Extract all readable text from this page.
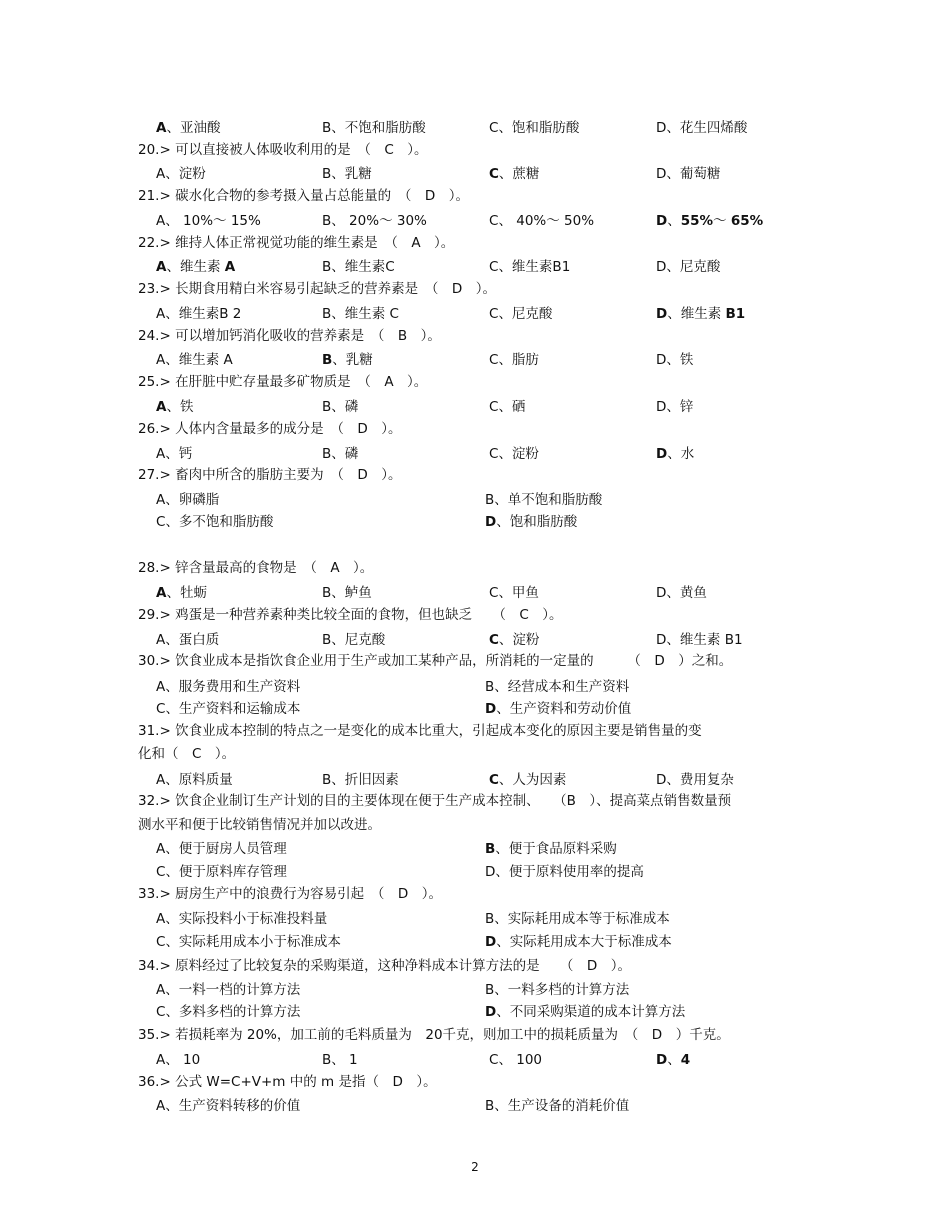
A、亚油酸	B、不饱和脂肪酸	C、饱和脂肪酸	D、花生四烯酸
20.> 可以直接被人体吸收利用的是　（　C　）。
A、淀粉	B、乳糖	C、蔗糖	D、葡萄糖
21.> 碳水化合物的参考摄入量占总能量的　（　D　）。
A、 10%～ 15%	B、 20%～ 30%	C、 40%～ 50%	D、55%～ 65%
22.> 维持人体正常视觉功能的维生素是　（　A　）。
A、维生素 A	B、维生素C	C、维生素B1	D、尼克酸
23.> 长期食用精白米容易引起缺乏的营养素是　（　D　）。
A、维生素B 2	B、维生素 C	C、尼克酸	D、维生素 B1
24.> 可以增加钙消化吸收的营养素是　（　B　）。
A、维生素 A	B、乳糖	C、脂肪	D、铁
25.> 在肝脏中贮存量最多矿物质是　（　A　）。
A、铁	B、磷	C、硒	D、锌
26.> 人体内含量最多的成分是　（　D　）。
A、钙	B、磷	C、淀粉	D、水
27.> 畜肉中所含的脂肪主要为　（　D　）。
A、卵磷脂	B、单不饱和脂肪酸
C、多不饱和脂肪酸	D、饱和脂肪酸
28.> 锌含量最高的食物是　（　A　）。
A、牡蛎	B、鲈鱼	C、甲鱼	D、黄鱼
29.> 鸡蛋是一种营养素种类比较全面的食物，但也缺乏　　（　C　）。
A、蛋白质	B、尼克酸	C、淀粉	D、维生素 B1
30.> 饮食业成本是指饮食企业用于生产或加工某种产品，所消耗的一定量的　　　（　D　）之和。
A、服务费用和生产资料	B、经营成本和生产资料
C、生产资料和运输成本	D、生产资料和劳动价值
31.> 饮食业成本控制的特点之一是变化的成本比重大，引起成本变化的原因主要是销售量的变
化和（　C　）。
A、原料质量	B、折旧因素	C、人为因素	D、费用复杂
32.> 饮食企业制订生产计划的目的主要体现在便于生产成本控制、　　（B　）、提高菜点销售数量预
测水平和便于比较销售情况并加以改进。
A、便于厨房人员管理	B、便于食品原料采购
C、便于原料库存管理	D、便于原料使用率的提高
33.> 厨房生产中的浪费行为容易引起　（　D　）。
A、实际投料小于标准投料量	B、实际耗用成本等于标准成本
C、实际耗用成本小于标准成本	D、实际耗用成本大于标准成本
34.> 原料经过了比较复杂的采购渠道，这种净料成本计算方法的是　　（　D　）。
A、一料一档的计算方法	B、一料多档的计算方法
C、多料多档的计算方法	D、不同采购渠道的成本计算方法
35.> 若损耗率为 20%，加工前的毛料质量为　20千克，则加工中的损耗质量为　（　D　）千克。
A、 10	B、 1	C、 100	D、4
36.> 公式 W=C+V+m 中的 m 是指（　D　）。
A、生产资料转移的价值	B、生产设备的消耗价值
2
